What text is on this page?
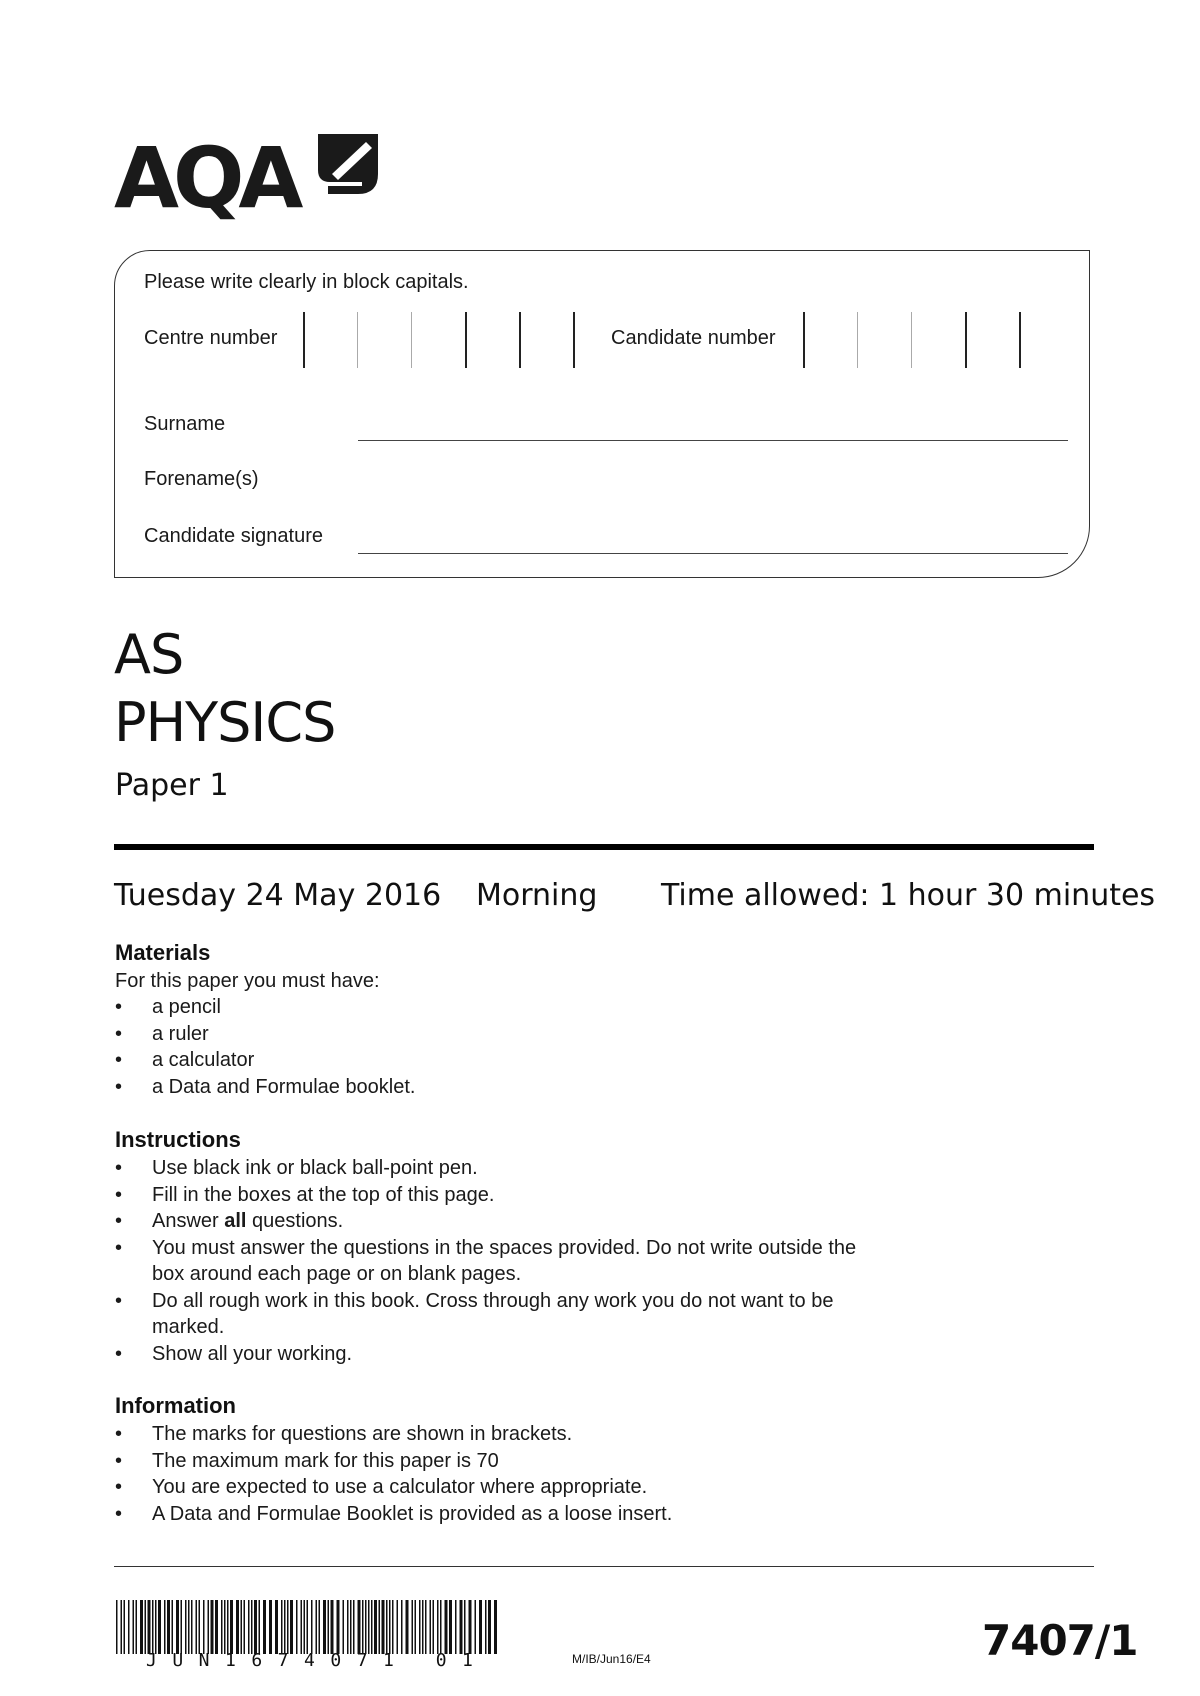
AQA
Please write clearly in block capitals.
Centre number	Candidate number
Surname
Forename(s)
Candidate signature
AS
PHYSICS
Paper 1
Tuesday 24 May 2016 Morning Time allowed: 1 hour 30 minutes
Materials
For this paper you must have:
• a pencil
• a ruler
• a calculator
• a Data and Formulae booklet.
Instructions
• Use black ink or black ball-point pen.
• Fill in the boxes at the top of this page.
• Answer all questions.
• You must answer the questions in the spaces provided. Do not write outside the box around each page or on blank pages.
• Do all rough work in this book. Cross through any work you do not want to be marked.
• Show all your working.
Information
• The marks for questions are shown in brackets.
• The maximum mark for this paper is 70
• You are expected to use a calculator where appropriate.
• A Data and Formulae Booklet is provided as a loose insert.
JUN1674071 01	M/IB/Jun16/E4	7407/1
